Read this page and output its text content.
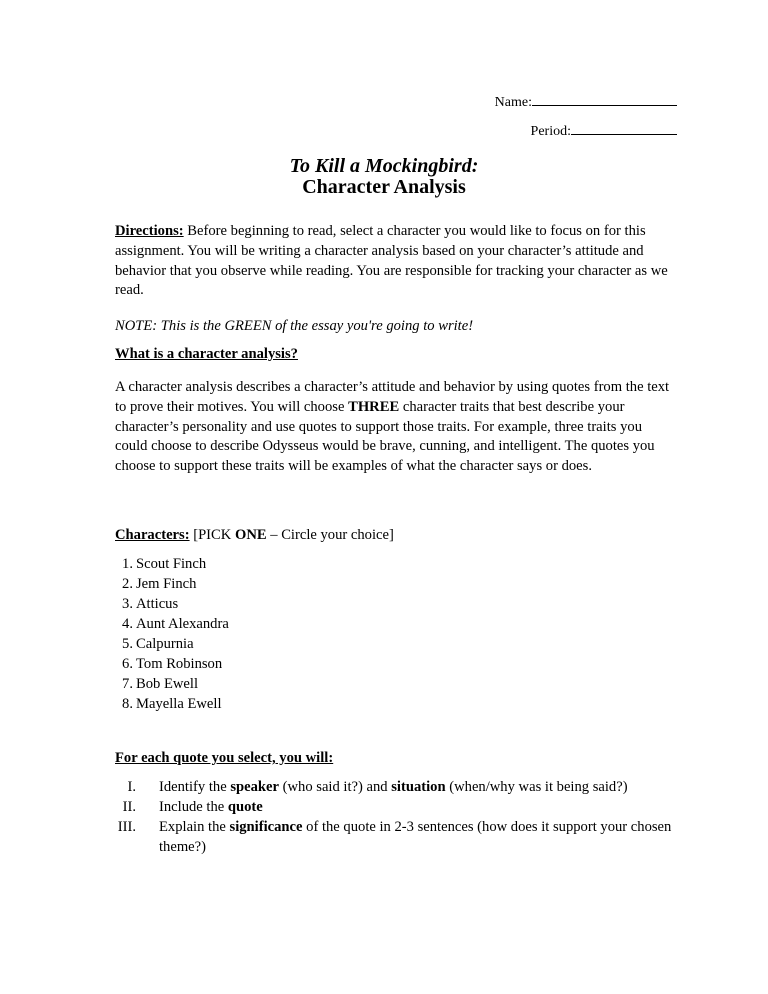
Name:
Period:
To Kill a Mockingbird:
Character Analysis
Directions: Before beginning to read, select a character you would like to focus on for this assignment. You will be writing a character analysis based on your character’s attitude and behavior that you observe while reading. You are responsible for tracking your character as we read.
NOTE: This is the GREEN of the essay you're going to write!
What is a character analysis?
A character analysis describes a character’s attitude and behavior by using quotes from the text to prove their motives. You will choose THREE character traits that best describe your character’s personality and use quotes to support those traits. For example, three traits you could choose to describe Odysseus would be brave, cunning, and intelligent. The quotes you choose to support these traits will be examples of what the character says or does.
Characters: [PICK ONE – Circle your choice]
1. Scout Finch
2. Jem Finch
3. Atticus
4. Aunt Alexandra
5. Calpurnia
6. Tom Robinson
7. Bob Ewell
8. Mayella Ewell
For each quote you select, you will:
I. Identify the speaker (who said it?) and situation (when/why was it being said?)
II. Include the quote
III. Explain the significance of the quote in 2-3 sentences (how does it support your chosen theme?)
